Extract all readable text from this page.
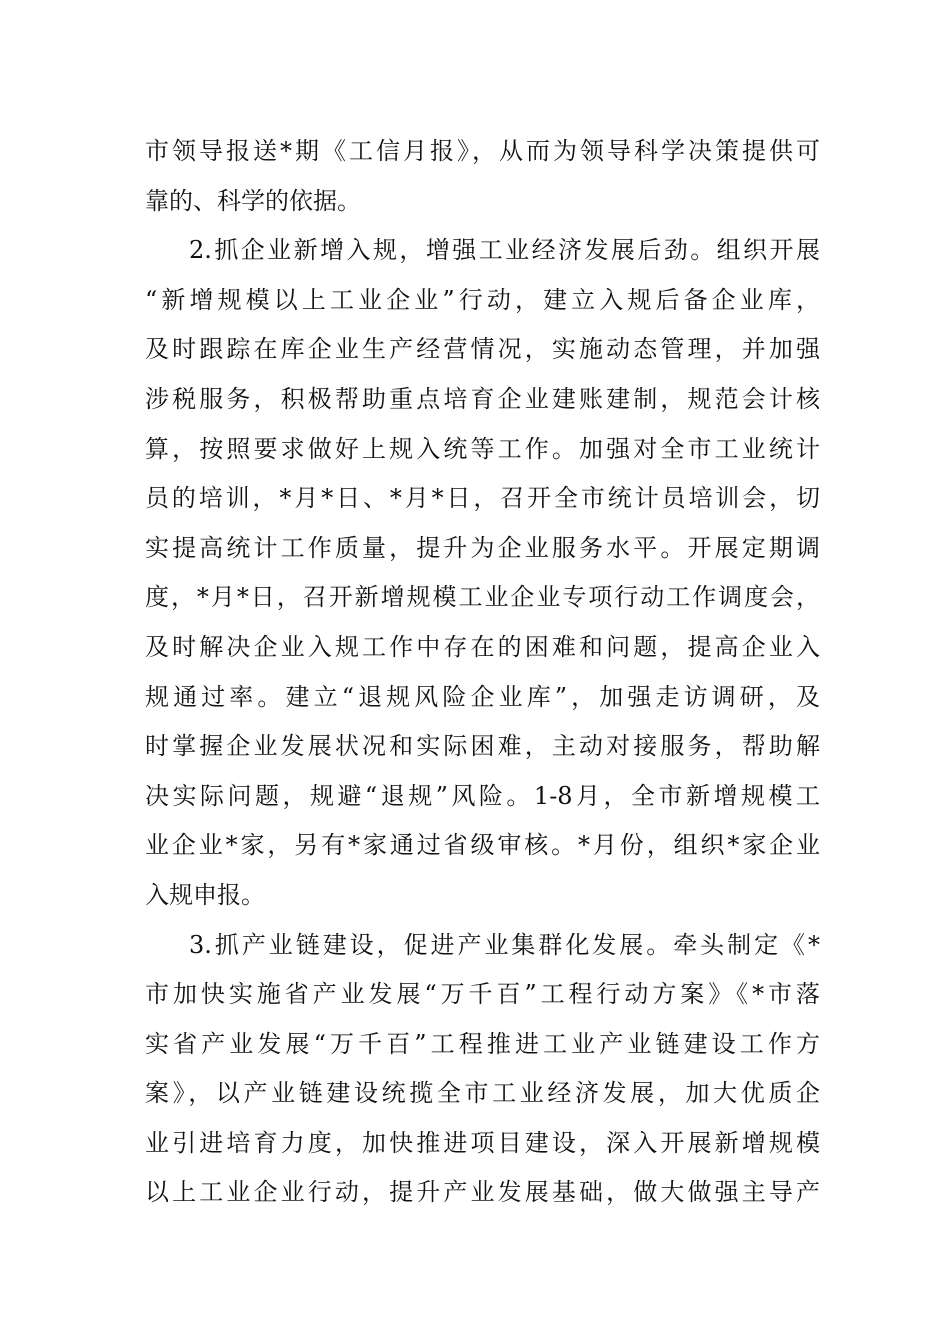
市领导报送*期《工信月报》，从而为领导科学决策提供可
靠的、科学的依据。
2.抓企业新增入规，增强工业经济发展后劲。组织开展
“新增规模以上工业企业”行动，建立入规后备企业库，
及时跟踪在库企业生产经营情况，实施动态管理，并加强
涉税服务，积极帮助重点培育企业建账建制，规范会计核
算，按照要求做好上规入统等工作。加强对全市工业统计
员的培训，*月*日、*月*日，召开全市统计员培训会，切
实提高统计工作质量，提升为企业服务水平。开展定期调
度，*月*日，召开新增规模工业企业专项行动工作调度会，
及时解决企业入规工作中存在的困难和问题，提高企业入
规通过率。建立“退规风险企业库”，加强走访调研，及
时掌握企业发展状况和实际困难，主动对接服务，帮助解
决实际问题，规避“退规”风险。1-8月，全市新增规模工
业企业*家，另有*家通过省级审核。*月份，组织*家企业
入规申报。
3.抓产业链建设，促进产业集群化发展。牵头制定《*
市加快实施省产业发展“万千百”工程行动方案》《*市落
实省产业发展“万千百”工程推进工业产业链建设工作方
案》，以产业链建设统揽全市工业经济发展，加大优质企
业引进培育力度，加快推进项目建设，深入开展新增规模
以上工业企业行动，提升产业发展基础，做大做强主导产
